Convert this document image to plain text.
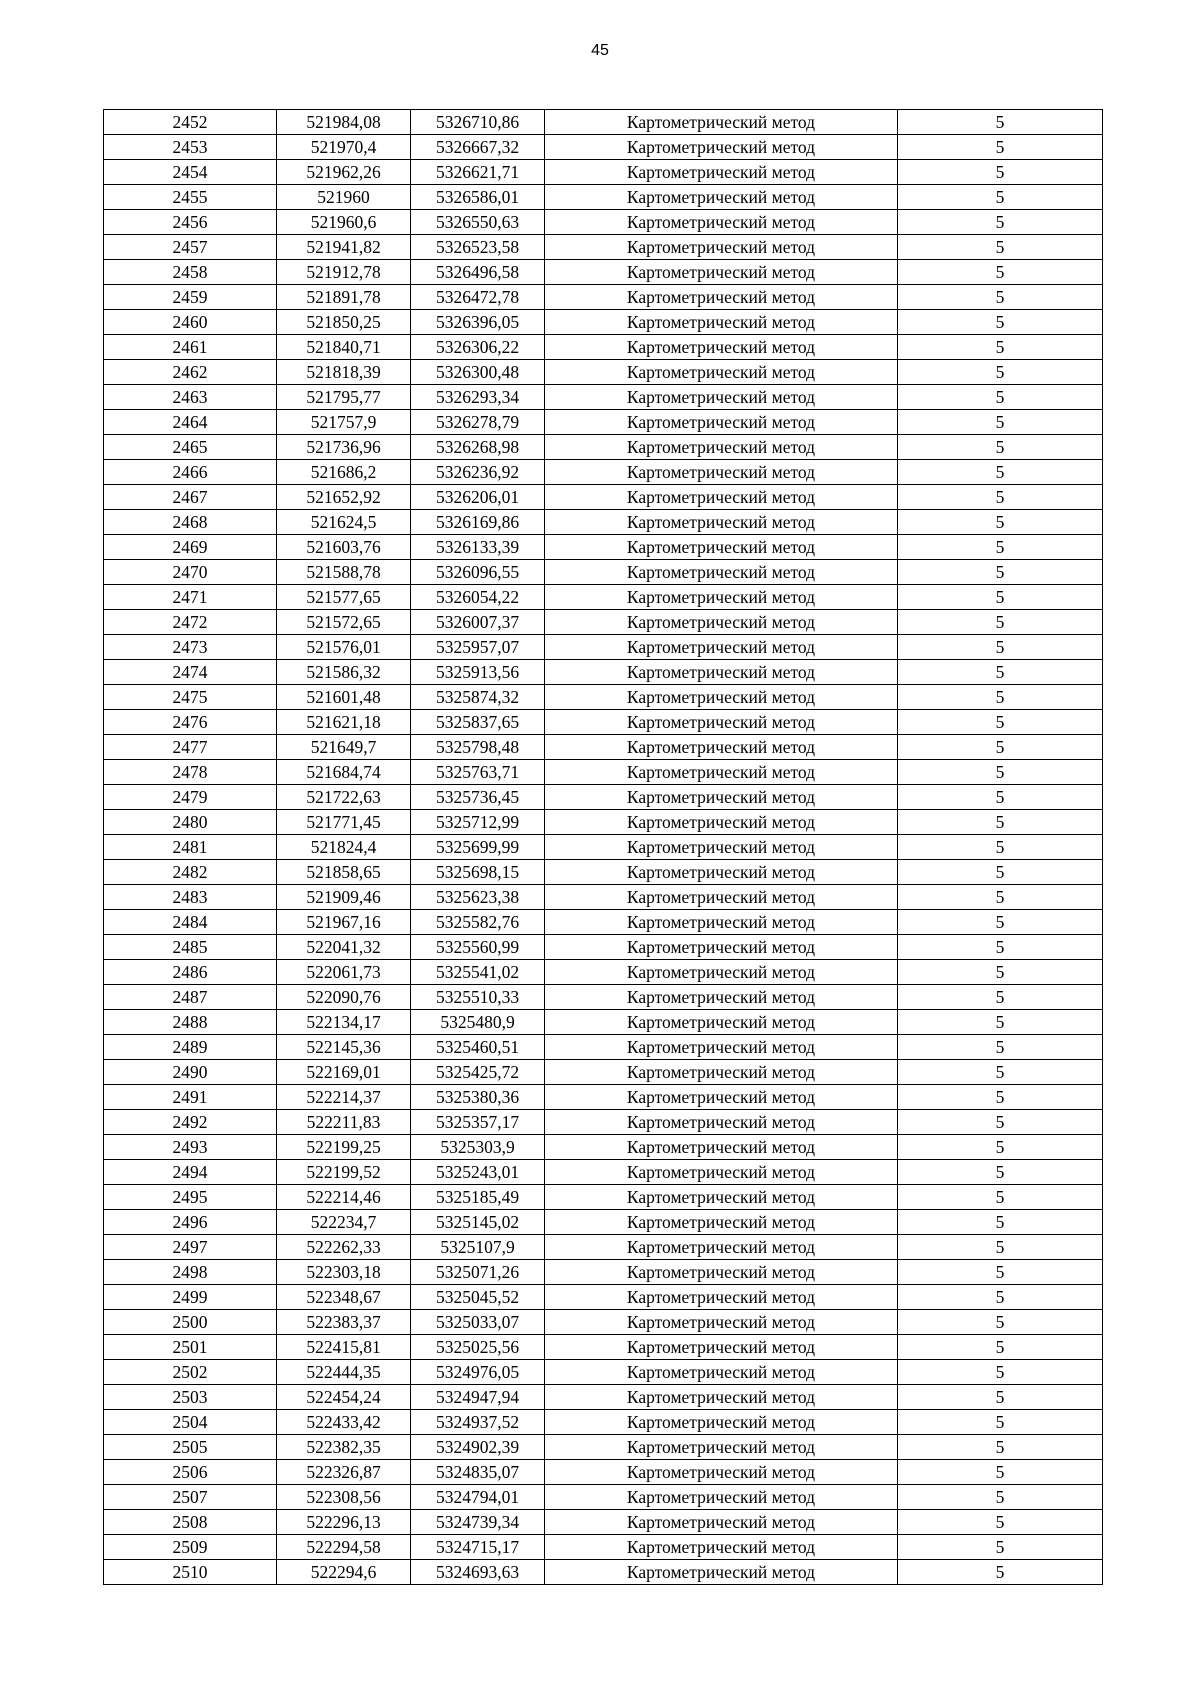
45
2452	521984,08	5326710,86	Картометрический метод	5
2453	521970,4	5326667,32	Картометрический метод	5
2454	521962,26	5326621,71	Картометрический метод	5
2455	521960	5326586,01	Картометрический метод	5
2456	521960,6	5326550,63	Картометрический метод	5
2457	521941,82	5326523,58	Картометрический метод	5
2458	521912,78	5326496,58	Картометрический метод	5
2459	521891,78	5326472,78	Картометрический метод	5
2460	521850,25	5326396,05	Картометрический метод	5
2461	521840,71	5326306,22	Картометрический метод	5
2462	521818,39	5326300,48	Картометрический метод	5
2463	521795,77	5326293,34	Картометрический метод	5
2464	521757,9	5326278,79	Картометрический метод	5
2465	521736,96	5326268,98	Картометрический метод	5
2466	521686,2	5326236,92	Картометрический метод	5
2467	521652,92	5326206,01	Картометрический метод	5
2468	521624,5	5326169,86	Картометрический метод	5
2469	521603,76	5326133,39	Картометрический метод	5
2470	521588,78	5326096,55	Картометрический метод	5
2471	521577,65	5326054,22	Картометрический метод	5
2472	521572,65	5326007,37	Картометрический метод	5
2473	521576,01	5325957,07	Картометрический метод	5
2474	521586,32	5325913,56	Картометрический метод	5
2475	521601,48	5325874,32	Картометрический метод	5
2476	521621,18	5325837,65	Картометрический метод	5
2477	521649,7	5325798,48	Картометрический метод	5
2478	521684,74	5325763,71	Картометрический метод	5
2479	521722,63	5325736,45	Картометрический метод	5
2480	521771,45	5325712,99	Картометрический метод	5
2481	521824,4	5325699,99	Картометрический метод	5
2482	521858,65	5325698,15	Картометрический метод	5
2483	521909,46	5325623,38	Картометрический метод	5
2484	521967,16	5325582,76	Картометрический метод	5
2485	522041,32	5325560,99	Картометрический метод	5
2486	522061,73	5325541,02	Картометрический метод	5
2487	522090,76	5325510,33	Картометрический метод	5
2488	522134,17	5325480,9	Картометрический метод	5
2489	522145,36	5325460,51	Картометрический метод	5
2490	522169,01	5325425,72	Картометрический метод	5
2491	522214,37	5325380,36	Картометрический метод	5
2492	522211,83	5325357,17	Картометрический метод	5
2493	522199,25	5325303,9	Картометрический метод	5
2494	522199,52	5325243,01	Картометрический метод	5
2495	522214,46	5325185,49	Картометрический метод	5
2496	522234,7	5325145,02	Картометрический метод	5
2497	522262,33	5325107,9	Картометрический метод	5
2498	522303,18	5325071,26	Картометрический метод	5
2499	522348,67	5325045,52	Картометрический метод	5
2500	522383,37	5325033,07	Картометрический метод	5
2501	522415,81	5325025,56	Картометрический метод	5
2502	522444,35	5324976,05	Картометрический метод	5
2503	522454,24	5324947,94	Картометрический метод	5
2504	522433,42	5324937,52	Картометрический метод	5
2505	522382,35	5324902,39	Картометрический метод	5
2506	522326,87	5324835,07	Картометрический метод	5
2507	522308,56	5324794,01	Картометрический метод	5
2508	522296,13	5324739,34	Картометрический метод	5
2509	522294,58	5324715,17	Картометрический метод	5
2510	522294,6	5324693,63	Картометрический метод	5
